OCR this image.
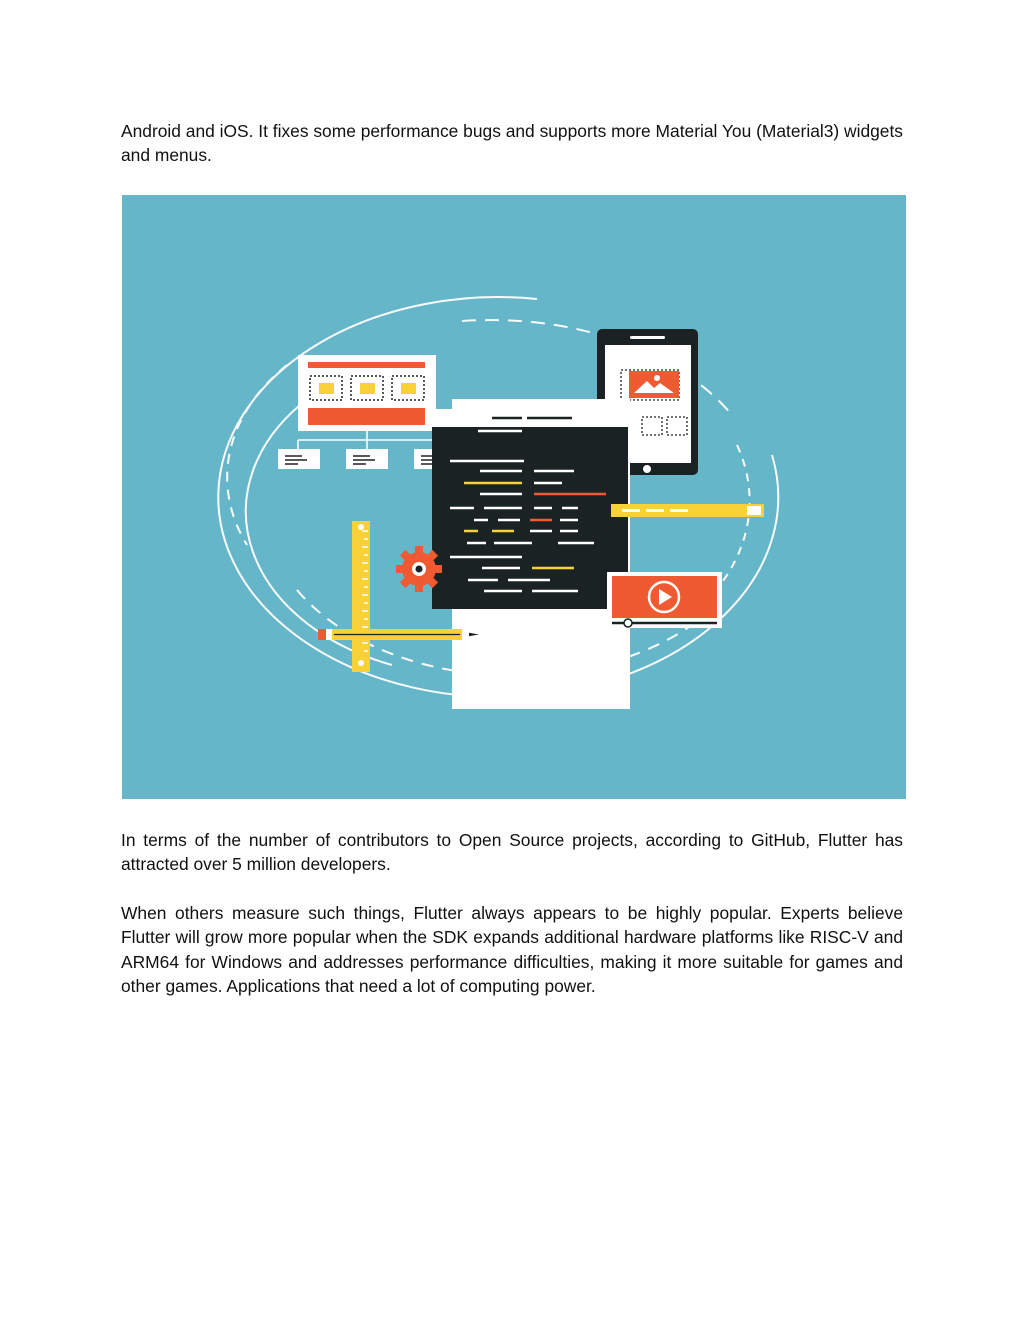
Android and iOS. It fixes some performance bugs and supports more Material You (Material3) widgets and menus.

In terms of the number of contributors to Open Source projects, according to GitHub, Flutter has attracted over 5 million developers.

When others measure such things, Flutter always appears to be highly popular. Experts believe Flutter will grow more popular when the SDK expands additional hardware platforms like RISC-V and ARM64 for Windows and addresses performance difficulties, making it more suitable for games and other games. Applications that need a lot of computing power.
